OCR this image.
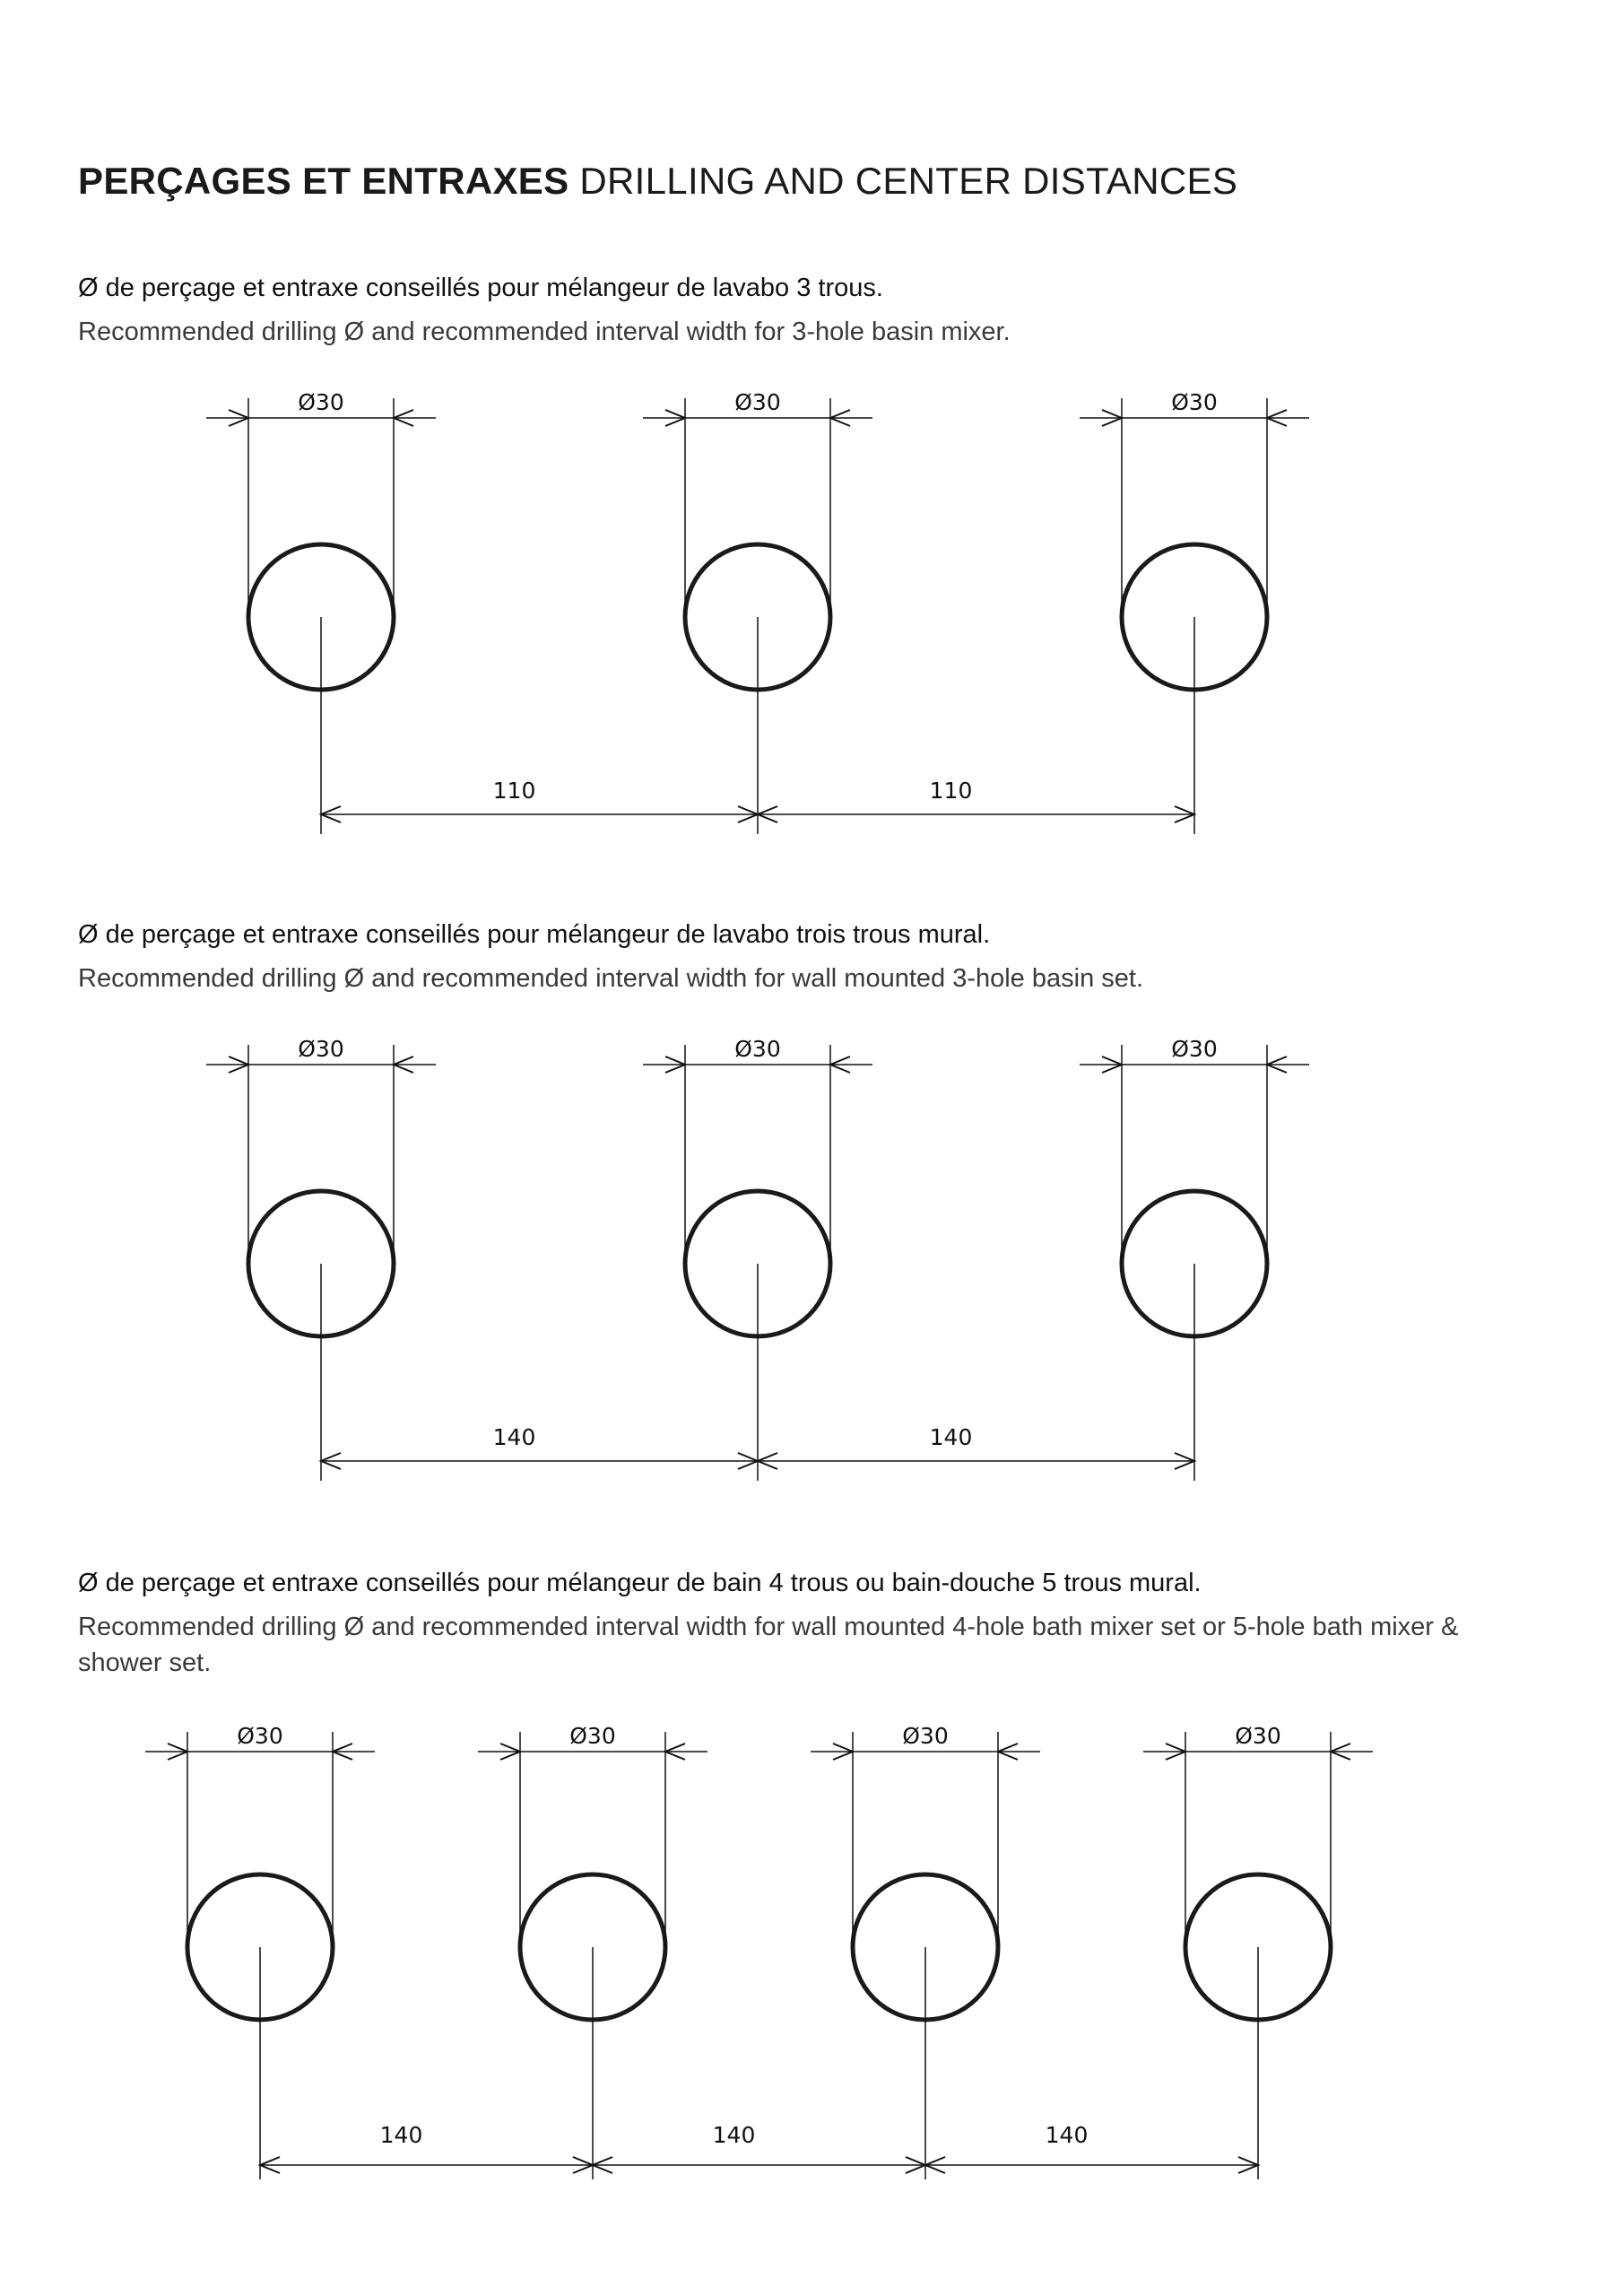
PERÇAGES ET ENTRAXES DRILLING AND CENTER DISTANCES

Ø de perçage et entraxe conseillés pour mélangeur de lavabo 3 trous.

Recommended drilling Ø and recommended interval width for 3-hole basin mixer.

Ø30	Ø30	Ø30
110	110

Ø de perçage et entraxe conseillés pour mélangeur de lavabo trois trous mural.

Recommended drilling Ø and recommended interval width for wall mounted 3-hole basin set.

Ø30	Ø30	Ø30
140	140

Ø de perçage et entraxe conseillés pour mélangeur de bain 4 trous ou bain-douche 5 trous mural.

Recommended drilling Ø and recommended interval width for wall mounted 4-hole bath mixer set or 5-hole bath mixer & shower set.

Ø30	Ø30	Ø30	Ø30
140	140	140
